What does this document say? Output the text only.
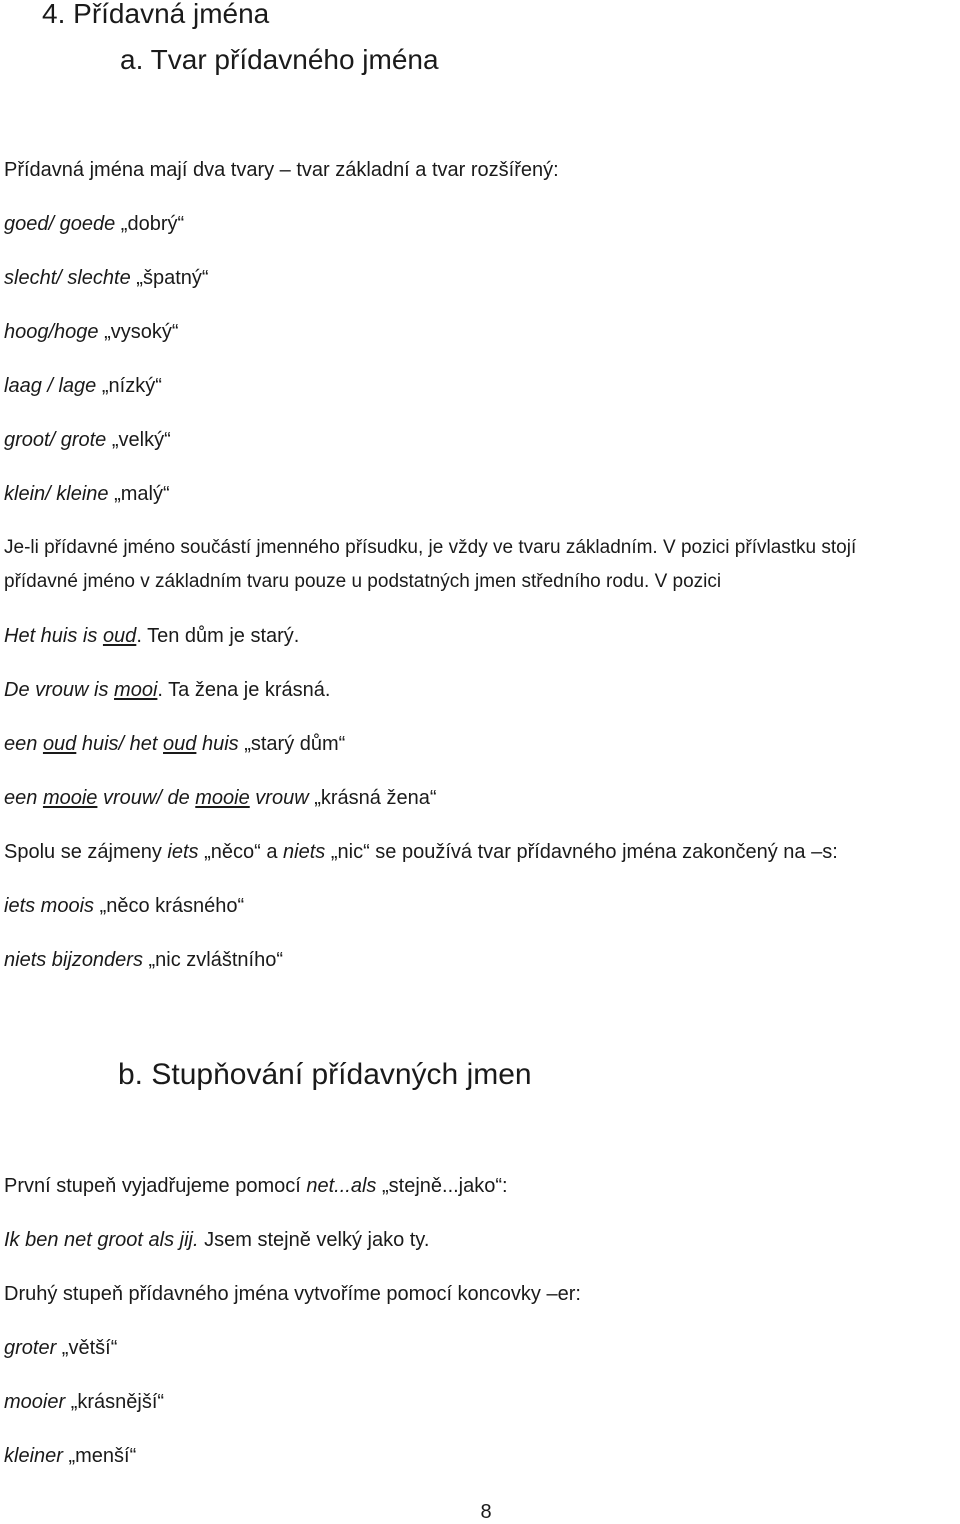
4. Přídavná jména
a. Tvar přídavného jména

Přídavná jména mají dva tvary – tvar základní a tvar rozšířený:

goed/ goede „dobrý“

slecht/ slechte „špatný“

hoog/hoge „vysoký“

laag / lage „nízký“

groot/ grote „velký“

klein/ kleine „malý“

Je-li přídavné jméno součástí jmenného přísudku, je vždy ve tvaru základním. V pozici přívlastku stojí

přídavné jméno v základním tvaru pouze u podstatných jmen středního rodu. V pozici

Het huis is oud. Ten dům je starý.

De vrouw is mooi. Ta žena je krásná.

een oud huis/ het oud huis „starý dům“

een mooie vrouw/ de mooie vrouw „krásná žena“

Spolu se zájmeny iets „něco“ a niets „nic“ se používá tvar přídavného jména zakončený na –s:

iets moois „něco krásného“

niets bijzonders „nic zvláštního“

b. Stupňování přídavných jmen

První stupeň vyjadřujeme pomocí net...als „stejně...jako“:

Ik ben net groot als jij. Jsem stejně velký jako ty.

Druhý stupeň přídavného jména vytvoříme pomocí koncovky –er:

groter „větší“

mooier „krásnější“

kleiner „menší“

8
